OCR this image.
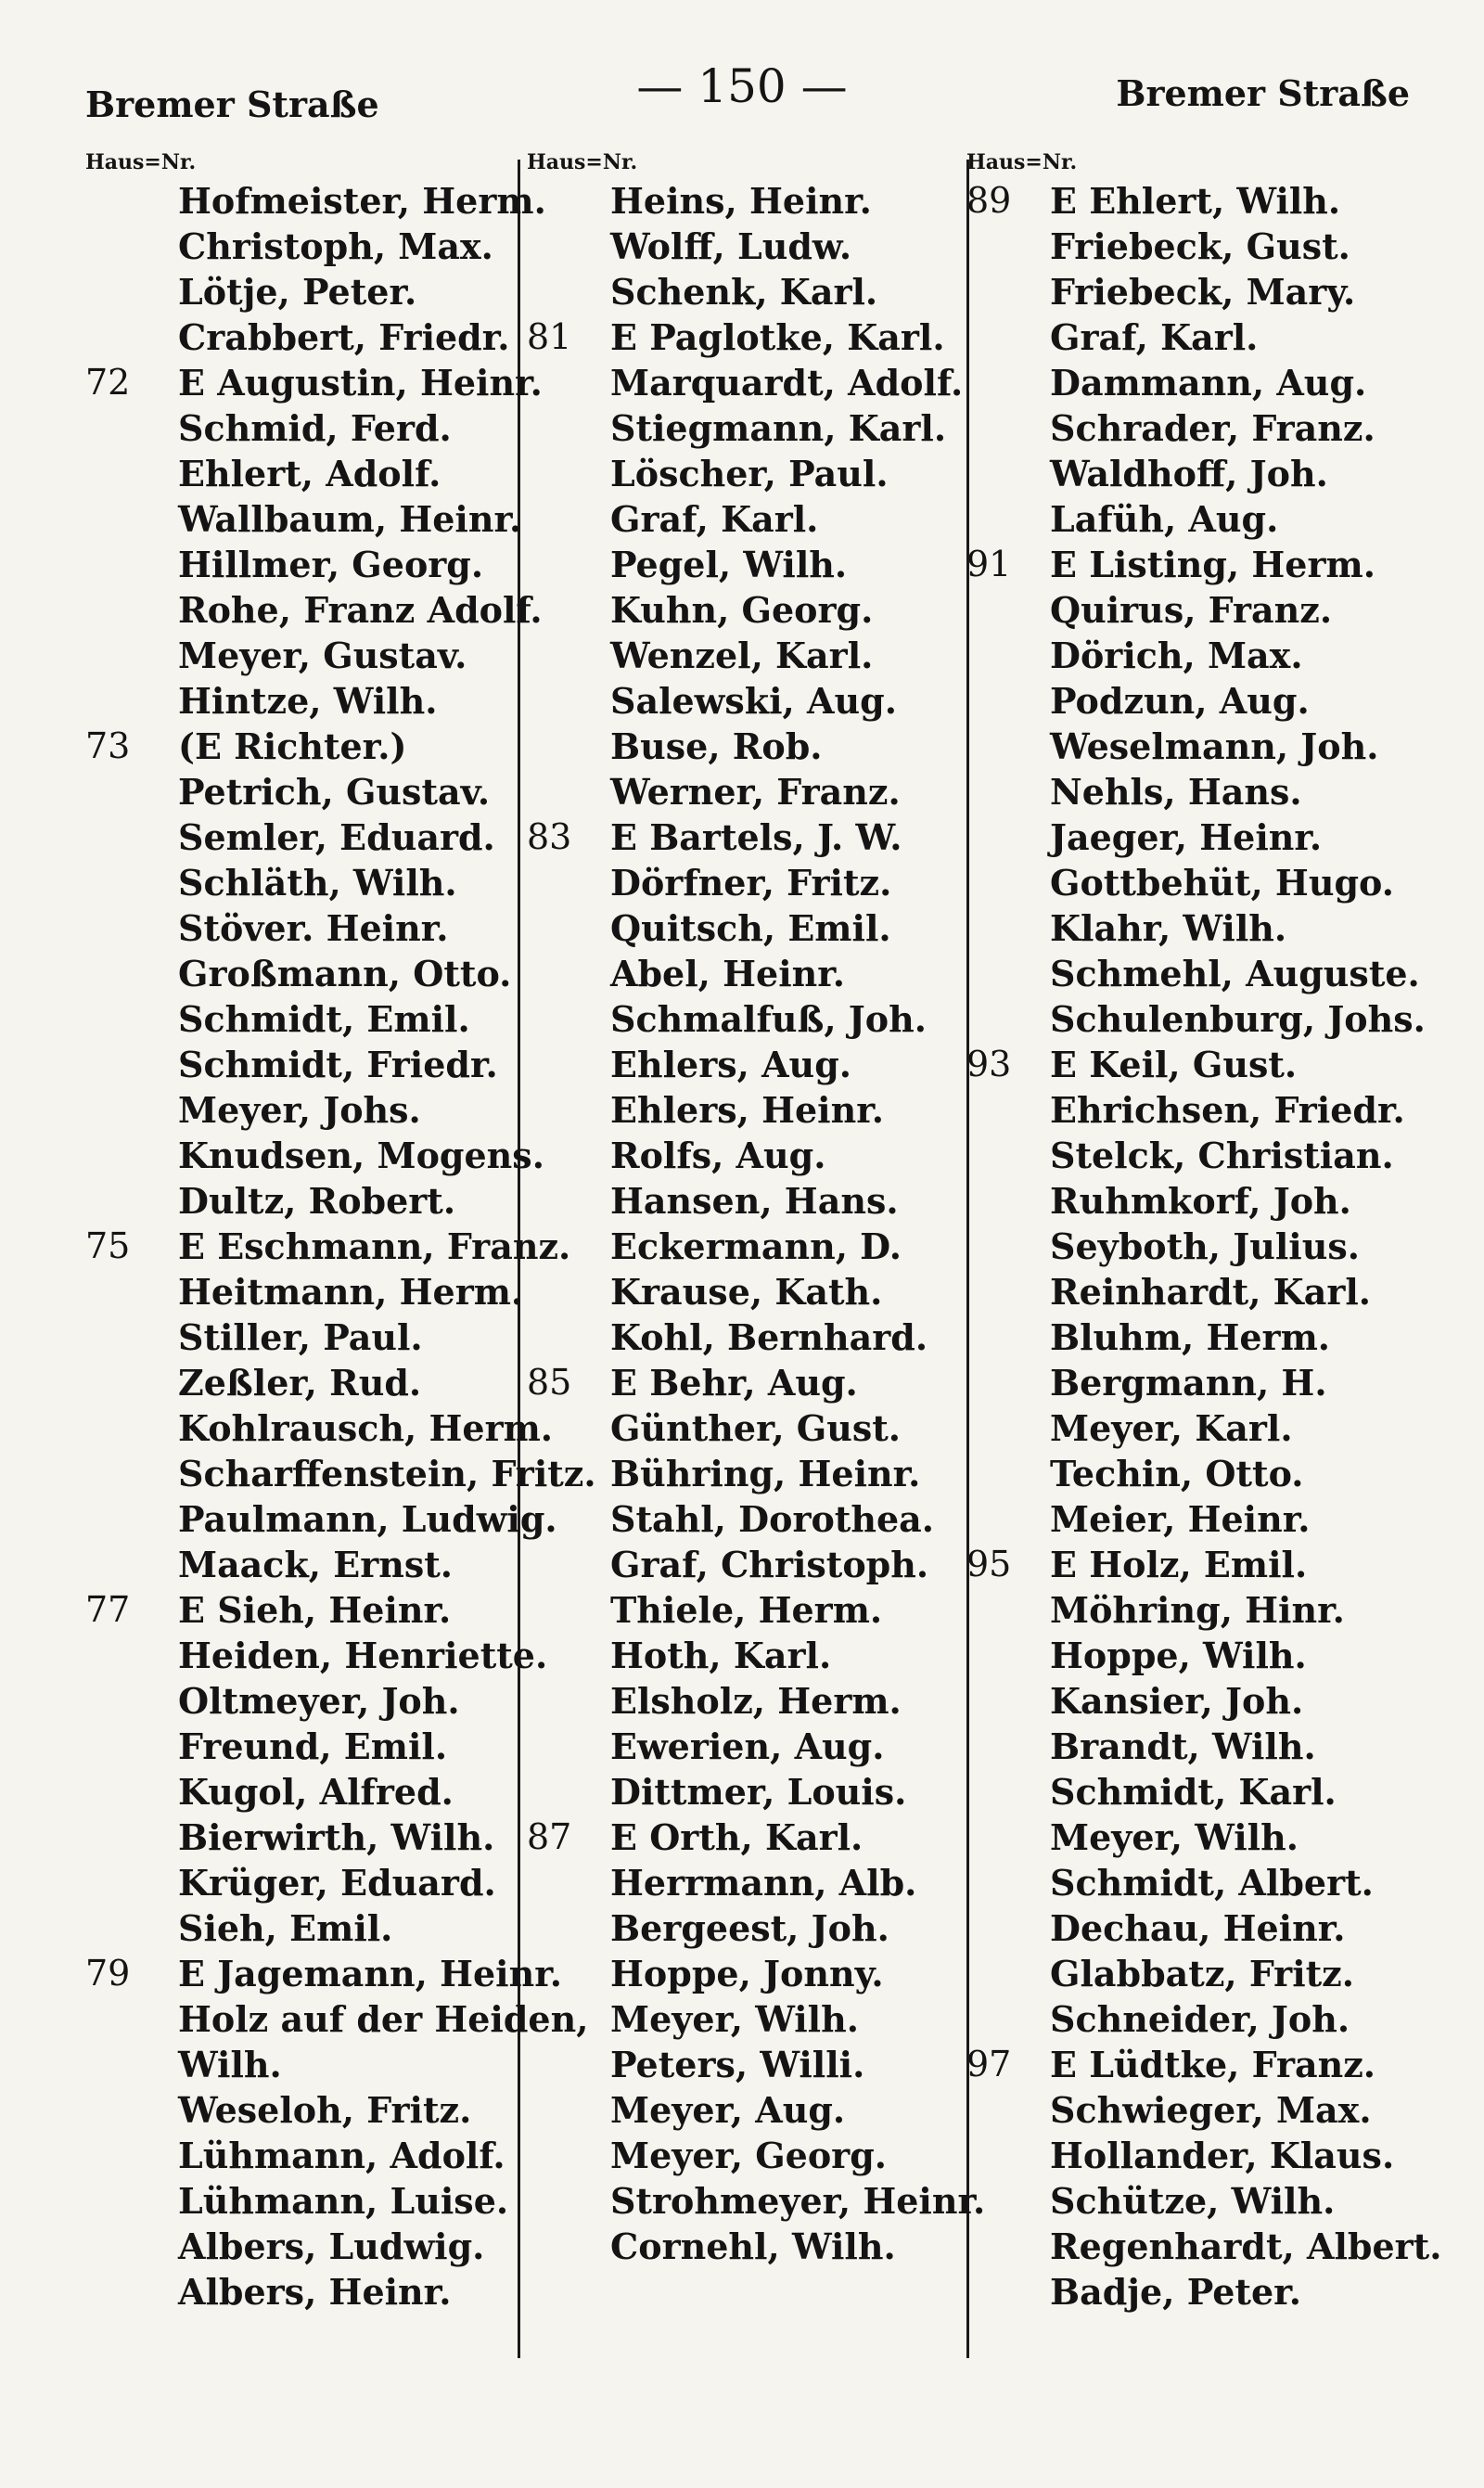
Bremer Straße	— 150 —	Bremer Straße
Haus=Nr.
Hofmeister, Herm.
Christoph, Max.
Lötje, Peter.
Crabbert, Friedr.
72	E Augustin, Heinr.
Schmid, Ferd.
Ehlert, Adolf.
Wallbaum, Heinr.
Hillmer, Georg.
Rohe, Franz Adolf.
Meyer, Gustav.
Hintze, Wilh.
73	(E Richter.)
Petrich, Gustav.
Semler, Eduard.
Schläth, Wilh.
Stöver. Heinr.
Großmann, Otto.
Schmidt, Emil.
Schmidt, Friedr.
Meyer, Johs.
Knudsen, Mogens.
Dultz, Robert.
75	E Eschmann, Franz.
Heitmann, Herm.
Stiller, Paul.
Zeßler, Rud.
Kohlrausch, Herm.
Scharffenstein, Fritz.
Paulmann, Ludwig.
Maack, Ernst.
77	E Sieh, Heinr.
Heiden, Henriette.
Oltmeyer, Joh.
Freund, Emil.
Kugol, Alfred.
Bierwirth, Wilh.
Krüger, Eduard.
Sieh, Emil.
79	E Jagemann, Heinr.
Holz auf der Heiden,
Wilh.
Weseloh, Fritz.
Lühmann, Adolf.
Lühmann, Luise.
Albers, Ludwig.
Albers, Heinr.
Haus=Nr.
Heins, Heinr.
Wolff, Ludw.
Schenk, Karl.
81	E Paglotke, Karl.
Marquardt, Adolf.
Stiegmann, Karl.
Löscher, Paul.
Graf, Karl.
Pegel, Wilh.
Kuhn, Georg.
Wenzel, Karl.
Salewski, Aug.
Buse, Rob.
Werner, Franz.
83	E Bartels, J. W.
Dörfner, Fritz.
Quitsch, Emil.
Abel, Heinr.
Schmalfuß, Joh.
Ehlers, Aug.
Ehlers, Heinr.
Rolfs, Aug.
Hansen, Hans.
Eckermann, D.
Krause, Kath.
Kohl, Bernhard.
85	E Behr, Aug.
Günther, Gust.
Bühring, Heinr.
Stahl, Dorothea.
Graf, Christoph.
Thiele, Herm.
Hoth, Karl.
Elsholz, Herm.
Ewerien, Aug.
Dittmer, Louis.
87	E Orth, Karl.
Herrmann, Alb.
Bergeest, Joh.
Hoppe, Jonny.
Meyer, Wilh.
Peters, Willi.
Meyer, Aug.
Meyer, Georg.
Strohmeyer, Heinr.
Cornehl, Wilh.
Haus=Nr.
89	E Ehlert, Wilh.
Friebeck, Gust.
Friebeck, Mary.
Graf, Karl.
Dammann, Aug.
Schrader, Franz.
Waldhoff, Joh.
Lafüh, Aug.
91	E Listing, Herm.
Quirus, Franz.
Dörich, Max.
Podzun, Aug.
Weselmann, Joh.
Nehls, Hans.
Jaeger, Heinr.
Gottbehüt, Hugo.
Klahr, Wilh.
Schmehl, Auguste.
Schulenburg, Johs.
93	E Keil, Gust.
Ehrichsen, Friedr.
Stelck, Christian.
Ruhmkorf, Joh.
Seyboth, Julius.
Reinhardt, Karl.
Bluhm, Herm.
Bergmann, H.
Meyer, Karl.
Techin, Otto.
Meier, Heinr.
95	E Holz, Emil.
Möhring, Hinr.
Hoppe, Wilh.
Kansier, Joh.
Brandt, Wilh.
Schmidt, Karl.
Meyer, Wilh.
Schmidt, Albert.
Dechau, Heinr.
Glabbatz, Fritz.
Schneider, Joh.
97	E Lüdtke, Franz.
Schwieger, Max.
Hollander, Klaus.
Schütze, Wilh.
Regenhardt, Albert.
Badje, Peter.
